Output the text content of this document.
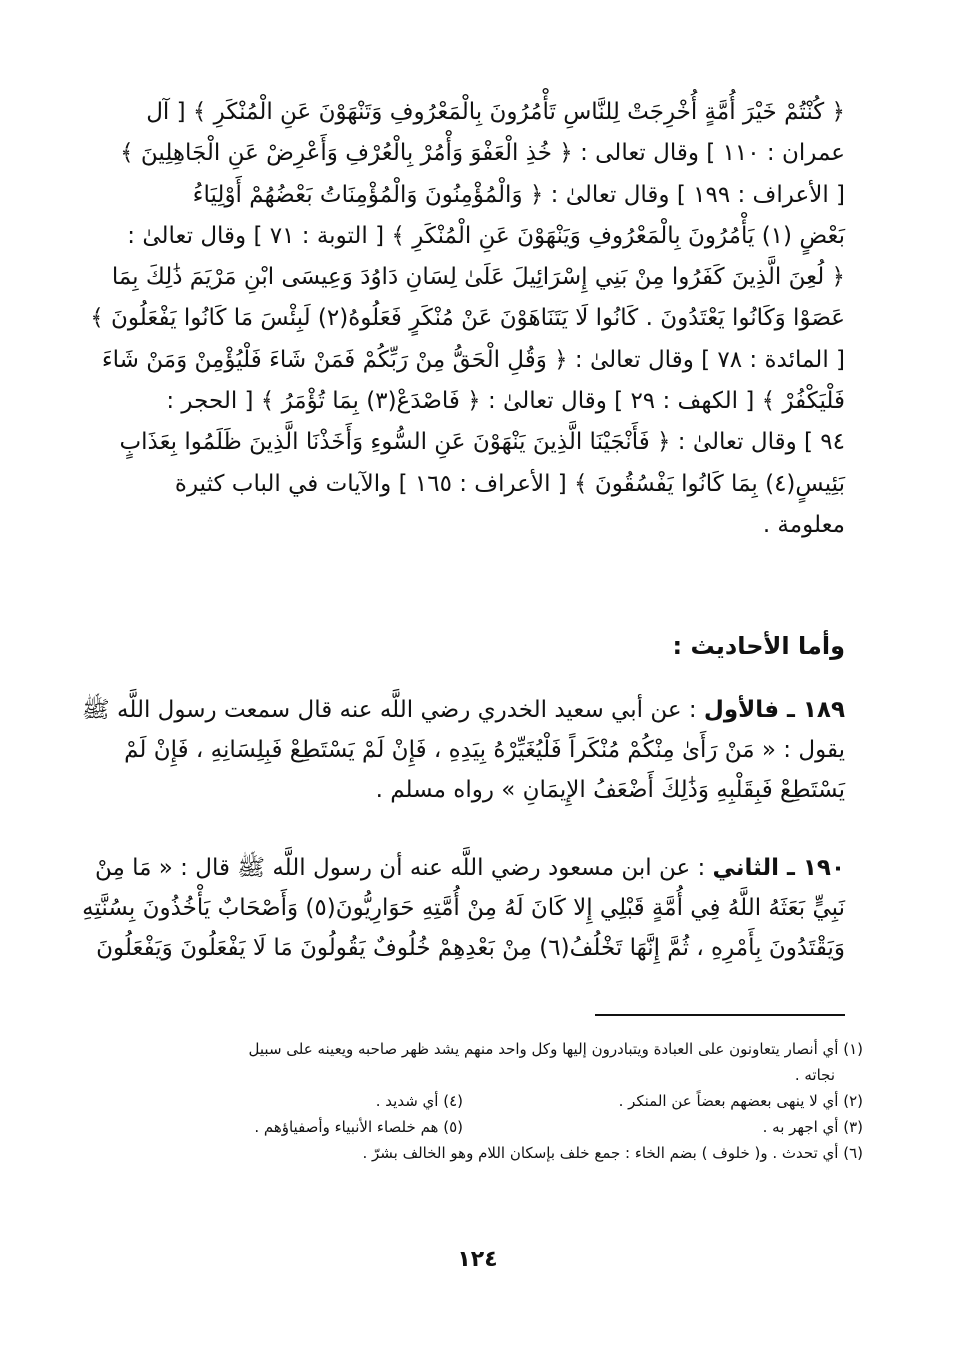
﴿ كُنْتُمْ خَيْرَ أُمَّةٍ أُخْرِجَتْ لِلنَّاسِ تَأْمُرُونَ بِالْمَعْرُوفِ وَتَنْهَوْنَ عَنِ الْمُنْكَرِ ﴾ [ آل
عمران : ١١٠ ] وقال تعالى : ﴿ خُذِ الْعَفْوَ وَأْمُرْ بِالْعُرْفِ وَأَعْرِضْ عَنِ الْجَاهِلِينَ ﴾
[ الأعراف : ١٩٩ ] وقال تعالىٰ : ﴿ وَالْمُؤْمِنُونَ وَالْمُؤْمِنَاتُ بَعْضُهُمْ أَوْلِيَاءُ
بَعْضٍ (١) يَأْمُرُونَ بِالْمَعْرُوفِ وَيَنْهَوْنَ عَنِ الْمُنْكَرِ ﴾ [ التوبة : ٧١ ] وقال تعالىٰ :
﴿ لُعِنَ الَّذِينَ كَفَرُوا مِنْ بَنِي إِسْرَائِيلَ عَلَىٰ لِسَانِ دَاوُدَ وَعِيسَى ابْنِ مَرْيَمَ ذَٰلِكَ بِمَا
عَصَوْا وَكَانُوا يَعْتَدُونَ . كَانُوا لَا يَتَنَاهَوْنَ عَنْ مُنْكَرٍ فَعَلُوهُ(٢) لَبِئْسَ مَا كَانُوا يَفْعَلُونَ ﴾
[ المائدة : ٧٨ ] وقال تعالىٰ : ﴿ وَقُلِ الْحَقُّ مِنْ رَبِّكُمْ فَمَنْ شَاءَ فَلْيُؤْمِنْ وَمَنْ شَاءَ
فَلْيَكْفُرْ ﴾ [ الكهف : ٢٩ ] وقال تعالىٰ : ﴿ فَاصْدَعْ(٣) بِمَا تُؤْمَرُ ﴾ [ الحجر :
٩٤ ] وقال تعالىٰ : ﴿ فَأَنْجَيْنَا الَّذِينَ يَنْهَوْنَ عَنِ السُّوءِ وَأَخَذْنَا الَّذِينَ ظَلَمُوا بِعَذَابٍ
بَئِيسٍ(٤) بِمَا كَانُوا يَفْسُقُونَ ﴾ [ الأعراف : ١٦٥ ] والآيات في الباب كثيرة
معلومة .
وأما الأحاديث :
١٨٩ ـ فالأول : عن أبي سعيد الخدري رضي اللَّه عنه قال سمعت رسول اللَّه ﷺ
يقول : « مَنْ رَأَىٰ مِنْكُمْ مُنْكَراً فَلْيُغَيِّرْهُ بِيَدِهِ ، فَإِنْ لَمْ يَسْتَطِعْ فَبِلِسَانِهِ ، فَإِنْ لَمْ
يَسْتَطِعْ فَبِقَلْبِهِ وَذَٰلِكَ أَضْعَفُ الإِيمَانِ » رواه مسلم .
١٩٠ ـ الثاني : عن ابن مسعود رضي اللَّه عنه أن رسول اللَّه ﷺ قال : « مَا مِنْ
نَبِيٍّ بَعَثَهُ اللَّهُ فِي أُمَّةٍ قَبْلِي إِلا كَانَ لَهُ مِنْ أُمَّتِهِ حَوَارِيُّونَ(٥) وَأَصْحَابٌ يَأْخُذُونَ بِسُنَّتِهِ
وَيَقْتَدُونَ بِأَمْرِهِ ، ثُمَّ إِنَّهَا تَخْلُفُ(٦) مِنْ بَعْدِهِمْ خُلُوفٌ يَقُولُونَ مَا لَا يَفْعَلُونَ وَيَفْعَلُونَ
(١) أي أنصار يتعاونون على العبادة ويتبادرون إليها وكل واحد منهم يشد ظهر صاحبه ويعينه على سبيل
نجاته .
(٢) أي لا ينهى بعضهم بعضاً عن المنكر .
(٤) أي شديد .
(٣) أي اجهر به .
(٥) هم خلصاء الأنبياء وأصفياؤهم .
(٦) أي تحدث . و( خلوف ) بضم الخاء : جمع خلف بإسكان اللام وهو الخالف بشرّ .
١٢٤
